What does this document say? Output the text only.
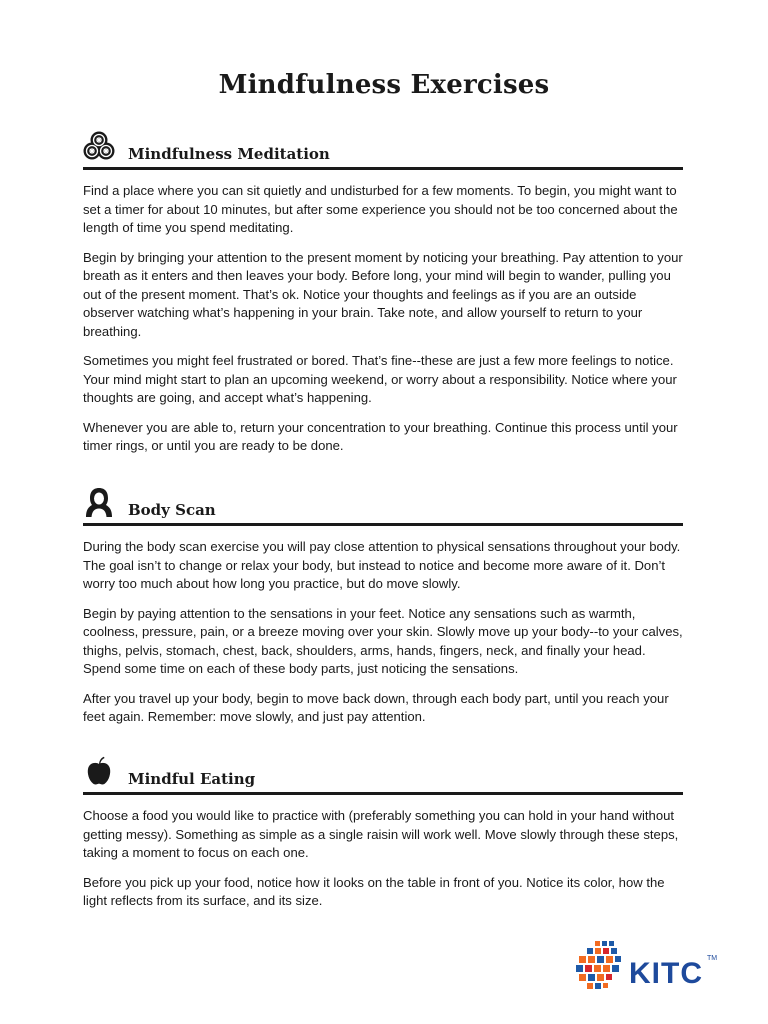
Mindfulness Exercises
Mindfulness Meditation

Find a place where you can sit quietly and undisturbed for a few moments. To begin, you might want to set a timer for about 10 minutes, but after some experience you should not be too concerned about the length of time you spend meditating.

Begin by bringing your attention to the present moment by noticing your breathing. Pay attention to your breath as it enters and then leaves your body. Before long, your mind will begin to wander, pulling you out of the present moment. That’s ok. Notice your thoughts and feelings as if you are an outside observer watching what’s happening in your brain. Take note, and allow yourself to return to your breathing.

Sometimes you might feel frustrated or bored. That’s fine--these are just a few more feelings to notice. Your mind might start to plan an upcoming weekend, or worry about a responsibility. Notice where your thoughts are going, and accept what’s happening.

Whenever you are able to, return your concentration to your breathing. Continue this process until your timer rings, or until you are ready to be done.

Body Scan

During the body scan exercise you will pay close attention to physical sensations throughout your body. The goal isn’t to change or relax your body, but instead to notice and become more aware of it. Don’t worry too much about how long you practice, but do move slowly.

Begin by paying attention to the sensations in your feet. Notice any sensations such as warmth, coolness, pressure, pain, or a breeze moving over your skin. Slowly move up your body--to your calves, thighs, pelvis, stomach, chest, back, shoulders, arms, hands, fingers, neck, and finally your head. Spend some time on each of these body parts, just noticing the sensations.

After you travel up your body, begin to move back down, through each body part, until you reach your feet again. Remember: move slowly, and just pay attention.

Mindful Eating

Choose a food you would like to practice with (preferably something you can hold in your hand without getting messy). Something as simple as a single raisin will work well. Move slowly through these steps, taking a moment to focus on each one.

Before you pick up your food, notice how it looks on the table in front of you. Notice its color, how the light reflects from its surface, and its size.

KITC TM
